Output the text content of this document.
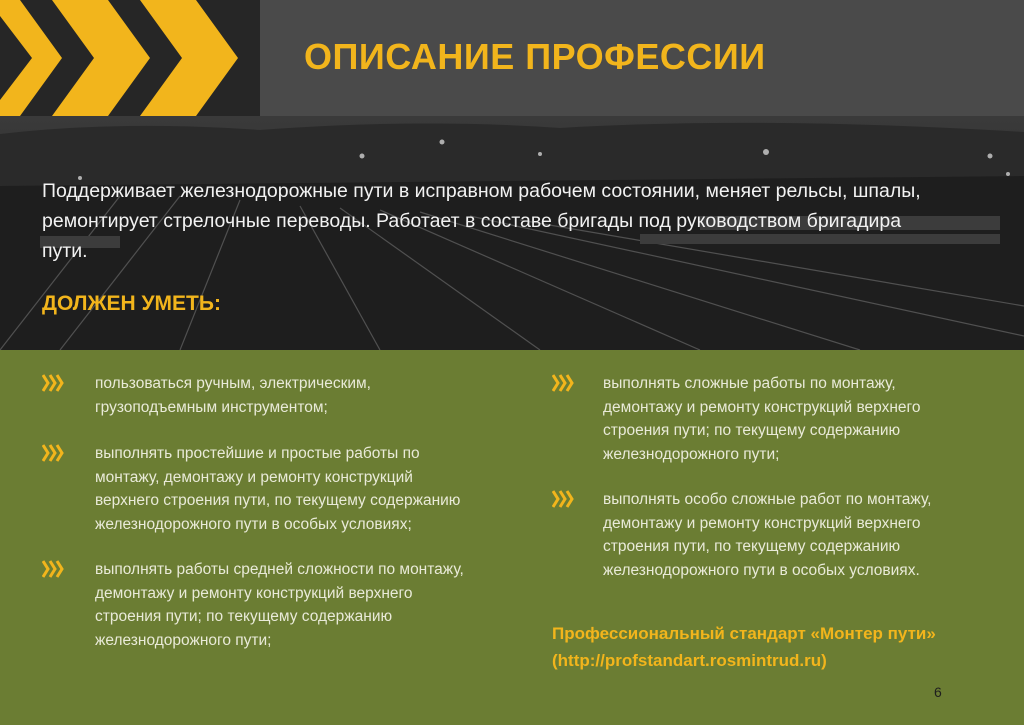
ОПИСАНИЕ ПРОФЕССИИ
Поддерживает железнодорожные пути в исправном рабочем состоянии, меняет рельсы, шпалы, ремонтирует стрелочные переводы. Работает в составе бригады под руководством бригадира пути.
ДОЛЖЕН УМЕТЬ:
пользоваться ручным, электрическим, грузоподъемным инструментом;
выполнять простейшие и простые работы по монтажу, демонтажу и ремонту конструкций верхнего строения пути, по текущему содержанию железнодорожного пути в особых условиях;
выполнять работы средней сложности по монтажу, демонтажу и ремонту конструкций верхнего строения пути; по текущему содержанию железнодорожного пути;
выполнять сложные работы по монтажу, демонтажу и ремонту конструкций верхнего строения пути; по текущему содержанию железнодорожного пути;
выполнять особо сложные работ по монтажу, демонтажу и ремонту конструкций верхнего строения пути, по текущему содержанию железнодорожного пути в особых условиях.
Профессиональный стандарт «Монтер пути»
(http://profstandart.rosmintrud.ru)
6
